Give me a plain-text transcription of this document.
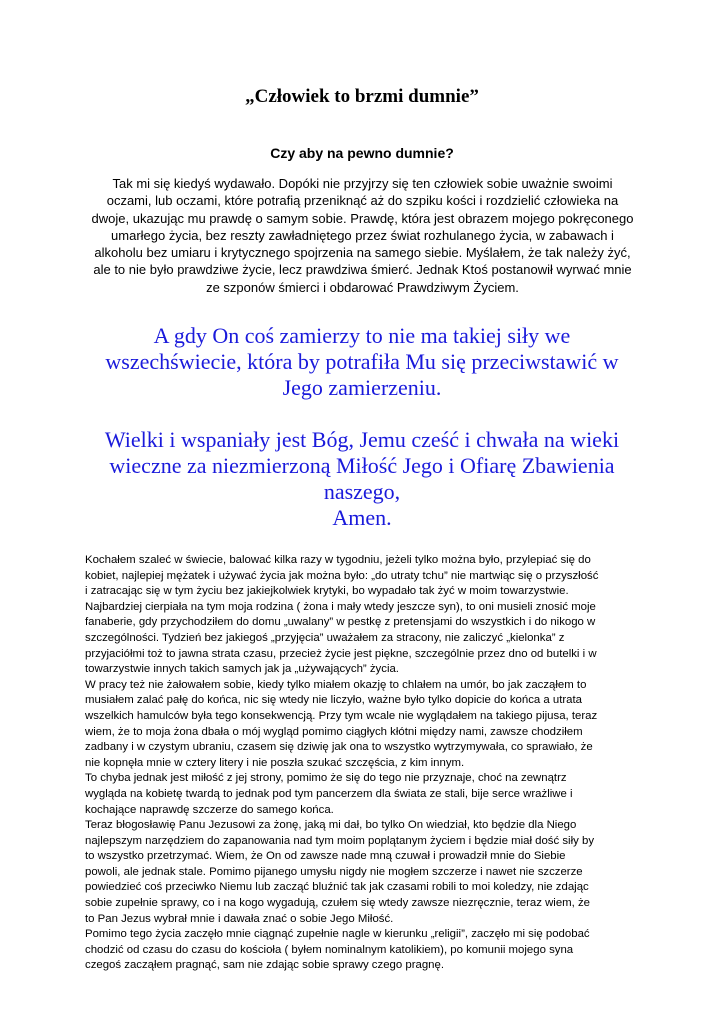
„Człowiek to brzmi dumnie”
Czy aby na pewno dumnie?

Tak mi się kiedyś wydawało. Dopóki nie przyjrzy się ten człowiek sobie uważnie swoimi oczami, lub oczami, które potrafią przeniknąć aż do szpiku kości i rozdzielić człowieka na dwoje, ukazując mu prawdę o samym sobie. Prawdę, która jest obrazem mojego pokręconego umarłego życia, bez reszty zawładniętego przez świat rozhulanego życia, w zabawach i alkoholu bez umiaru i krytycznego spojrzenia na samego siebie. Myślałem, że tak należy żyć, ale to nie było prawdziwe życie, lecz prawdziwa śmierć. Jednak Ktoś postanowił wyrwać mnie ze szponów śmierci i obdarować Prawdziwym Życiem.

A gdy On coś zamierzy to nie ma takiej siły we
wszechświecie, która by potrafiła Mu się przeciwstawić w
Jego zamierzeniu.
Wielki i wspaniały jest Bóg, Jemu cześć i chwała na wieki
wieczne za niezmierzoną Miłość Jego i Ofiarę Zbawienia
naszego,
Amen.

Kochałem szaleć w świecie, balować kilka razy w tygodniu, jeżeli tylko można było, przylepiać się do
kobiet, najlepiej mężatek i używać życia jak można było: „do utraty tchu” nie martwiąc się o przyszłość
i zatracając się w tym życiu bez jakiejkolwiek krytyki, bo wypadało tak żyć w moim towarzystwie.
Najbardziej cierpiała na tym moja rodzina ( żona i mały wtedy jeszcze syn), to oni musieli znosić moje
fanaberie, gdy przychodziłem do domu „uwalany” w pestkę z pretensjami do wszystkich i do nikogo w
szczególności. Tydzień bez jakiegoś „przyjęcia” uważałem za stracony, nie zaliczyć „kielonka” z
przyjaciółmi toż to jawna strata czasu, przecież życie jest piękne, szczególnie przez dno od butelki i w
towarzystwie innych takich samych jak ja „używających” życia.

W pracy też nie żałowałem sobie, kiedy tylko miałem okazję to chlałem na umór, bo jak zacząłem to
musiałem zalać pałę do końca, nic się wtedy nie liczyło, ważne było tylko dopicie do końca a utrata
wszelkich hamulców była tego konsekwencją. Przy tym wcale nie wyglądałem na takiego pijusa, teraz
wiem, że to moja żona dbała o mój wygląd pomimo ciągłych kłótni między nami, zawsze chodziłem
zadbany i w czystym ubraniu, czasem się dziwię jak ona to wszystko wytrzymywała, co sprawiało, że
nie kopnęła mnie w cztery litery i nie poszła szukać szczęścia, z kim innym.

To chyba jednak jest miłość z jej strony, pomimo że się do tego nie przyznaje, choć na zewnątrz
wygląda na kobietę twardą to jednak pod tym pancerzem dla świata ze stali, bije serce wrażliwe i
kochające naprawdę szczerze do samego końca.

Teraz błogosławię Panu Jezusowi za żonę, jaką mi dał, bo tylko On wiedział, kto będzie dla Niego
najlepszym narzędziem do zapanowania nad tym moim poplątanym życiem i będzie miał dość siły by
to wszystko przetrzymać. Wiem, że On od zawsze nade mną czuwał i prowadził mnie do Siebie
powoli, ale jednak stale. Pomimo pijanego umysłu nigdy nie mogłem szczerze i nawet nie szczerze
powiedzieć coś przeciwko Niemu lub zacząć bluźnić tak jak czasami robili to moi koledzy, nie zdając
sobie zupełnie sprawy, co i na kogo wygadują, czułem się wtedy zawsze niezręcznie, teraz wiem, że
to Pan Jezus wybrał mnie i dawała znać o sobie Jego Miłość.

Pomimo tego życia zaczęło mnie ciągnąć zupełnie nagle w kierunku „religii”, zaczęło mi się podobać
chodzić od czasu do czasu do kościoła ( byłem nominalnym katolikiem), po komunii mojego syna
czegoś zacząłem pragnąć, sam nie zdając sobie sprawy czego pragnę.
